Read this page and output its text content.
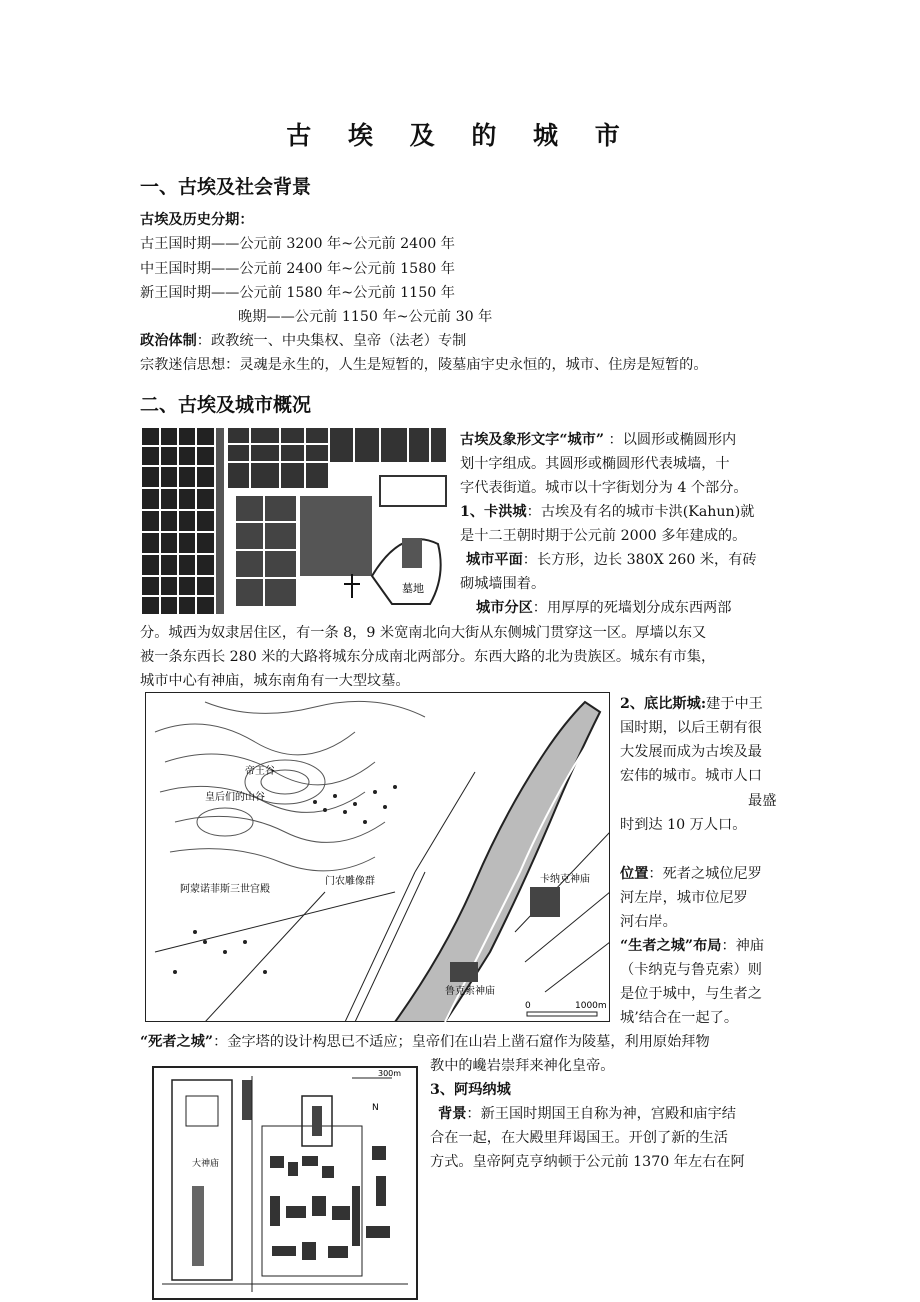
古 埃 及 的 城 市
一、古埃及社会背景
古埃及历史分期：
古王国时期——公元前 3200 年~公元前 2400 年
中王国时期——公元前 2400 年~公元前 1580 年
新王国时期——公元前 1580 年~公元前 1150 年
晚期——公元前 1150 年~公元前 30 年
政治体制：政教统一、中央集权、皇帝（法老）专制
宗教迷信思想：灵魂是永生的，人生是短暂的，陵墓庙宇史永恒的，城市、住房是短暂的。
二、古埃及城市概况
墓地
古埃及象形文字“城市” ：以圆形或椭圆形内
划十字组成。其圆形或椭圆形代表城墙，十
字代表街道。城市以十字街划分为 4 个部分。
1、卡洪城：古埃及有名的城市卡洪(Kahun)就
是十二王朝时期于公元前 2000 多年建成的。
城市平面：长方形，边长 380X 260 米，有砖
砌城墙围着。
城市分区：用厚厚的死墙划分成东西两部
分。城西为奴隶居住区，有一条 8，9 米宽南北向大街从东侧城门贯穿这一区。厚墙以东又
被一条东西长 280 米的大路将城东分成南北两部分。东西大路的北为贵族区。城东有市集，
城市中心有神庙，城东南角有一大型坟墓。
帝王谷
皇后们的山谷
门农雕像群
阿蒙诺菲斯三世宫殿
卡纳克神庙
鲁克索神庙
0	1000m
2、底比斯城:建于中王
国时期，以后王朝有很
大发展而成为古埃及最
宏伟的城市。城市人口
最盛
时到达 10 万人口。
位置：死者之城位尼罗
河左岸，城市位尼罗
河右岸。
“生者之城”布局：神庙
（卡纳克与鲁克索）则
是位于城中，与生者之
城’结合在一起了。
“死者之城”：金字塔的设计构思已不适应；皇帝们在山岩上凿石窟作为陵墓，利用原始拜物
教中的巉岩崇拜来神化皇帝。
大神庙
300m
N
3、阿玛纳城
背景：新王国时期国王自称为神，宫殿和庙宇结
合在一起，在大殿里拜谒国王。开创了新的生活
方式。皇帝阿克亨纳顿于公元前 1370 年左右在阿
